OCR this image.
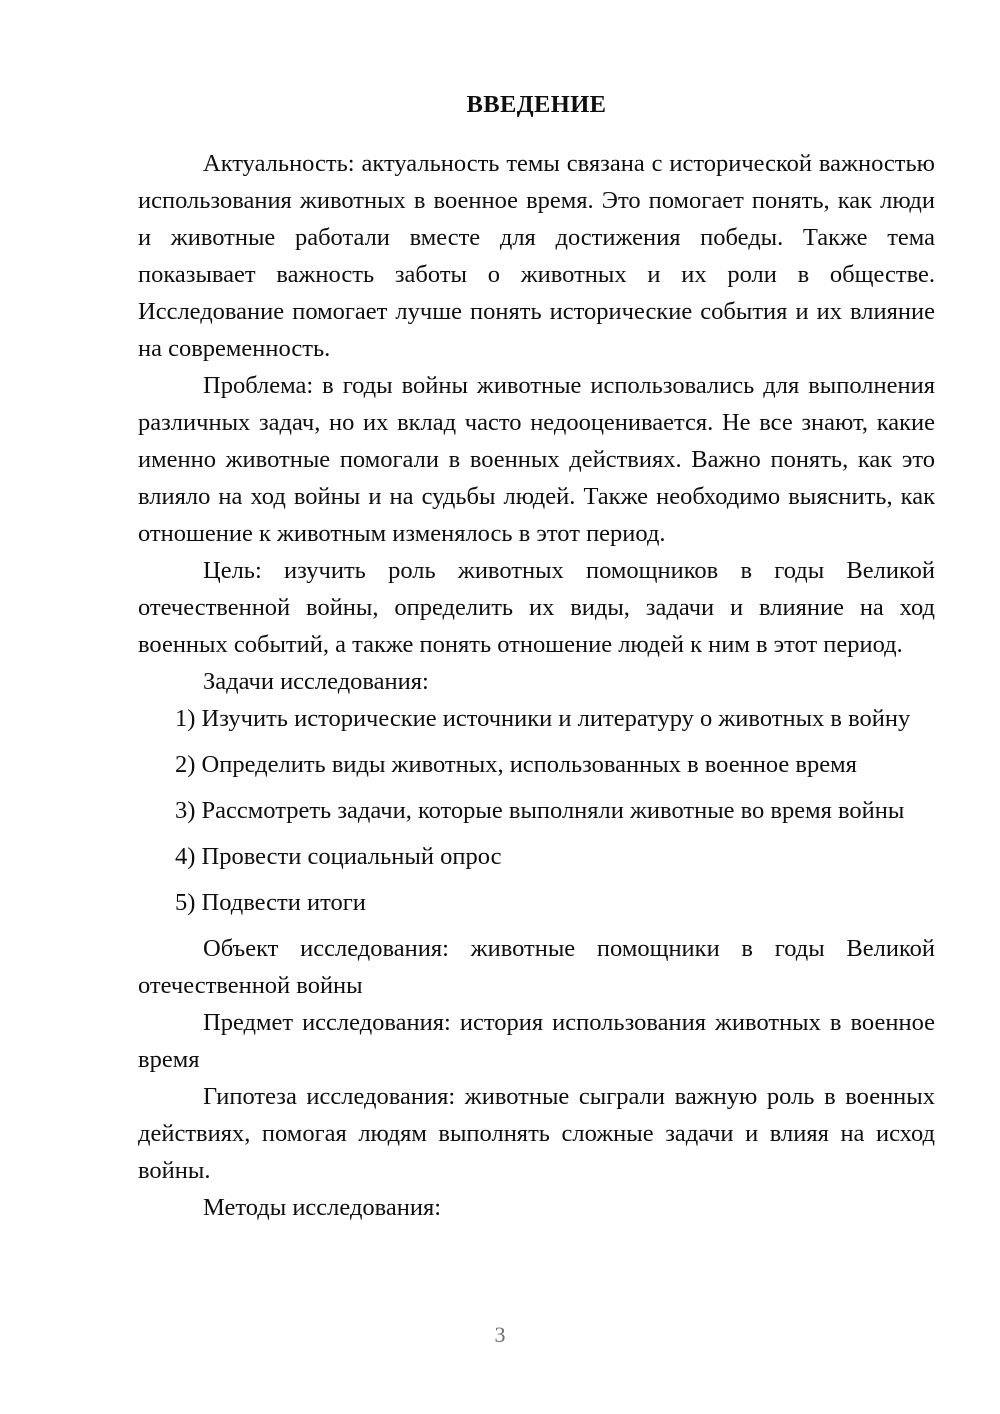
ВВЕДЕНИЕ

Актуальность: актуальность темы связана с исторической важностью использования животных в военное время. Это помогает понять, как люди и животные работали вместе для достижения победы. Также тема показывает важность заботы о животных и их роли в обществе. Исследование помогает лучше понять исторические события и их влияние на современность.

Проблема: в годы войны животные использовались для выполнения различных задач, но их вклад часто недооценивается. Не все знают, какие именно животные помогали в военных действиях. Важно понять, как это влияло на ход войны и на судьбы людей. Также необходимо выяснить, как отношение к животным изменялось в этот период.

Цель: изучить роль животных помощников в годы Великой отечественной войны, определить их виды, задачи и влияние на ход военных событий, а также понять отношение людей к ним в этот период.

Задачи исследования:

1) Изучить исторические источники и литературу о животных в войну
2) Определить виды животных, использованных в военное время
3) Рассмотреть задачи, которые выполняли животные во время войны
4) Провести социальный опрос
5) Подвести итоги

Объект исследования: животные помощники в годы Великой отечественной войны

Предмет исследования: история использования животных в военное время

Гипотеза исследования: животные сыграли важную роль в военных действиях, помогая людям выполнять сложные задачи и влияя на исход войны.

Методы исследования:

3
